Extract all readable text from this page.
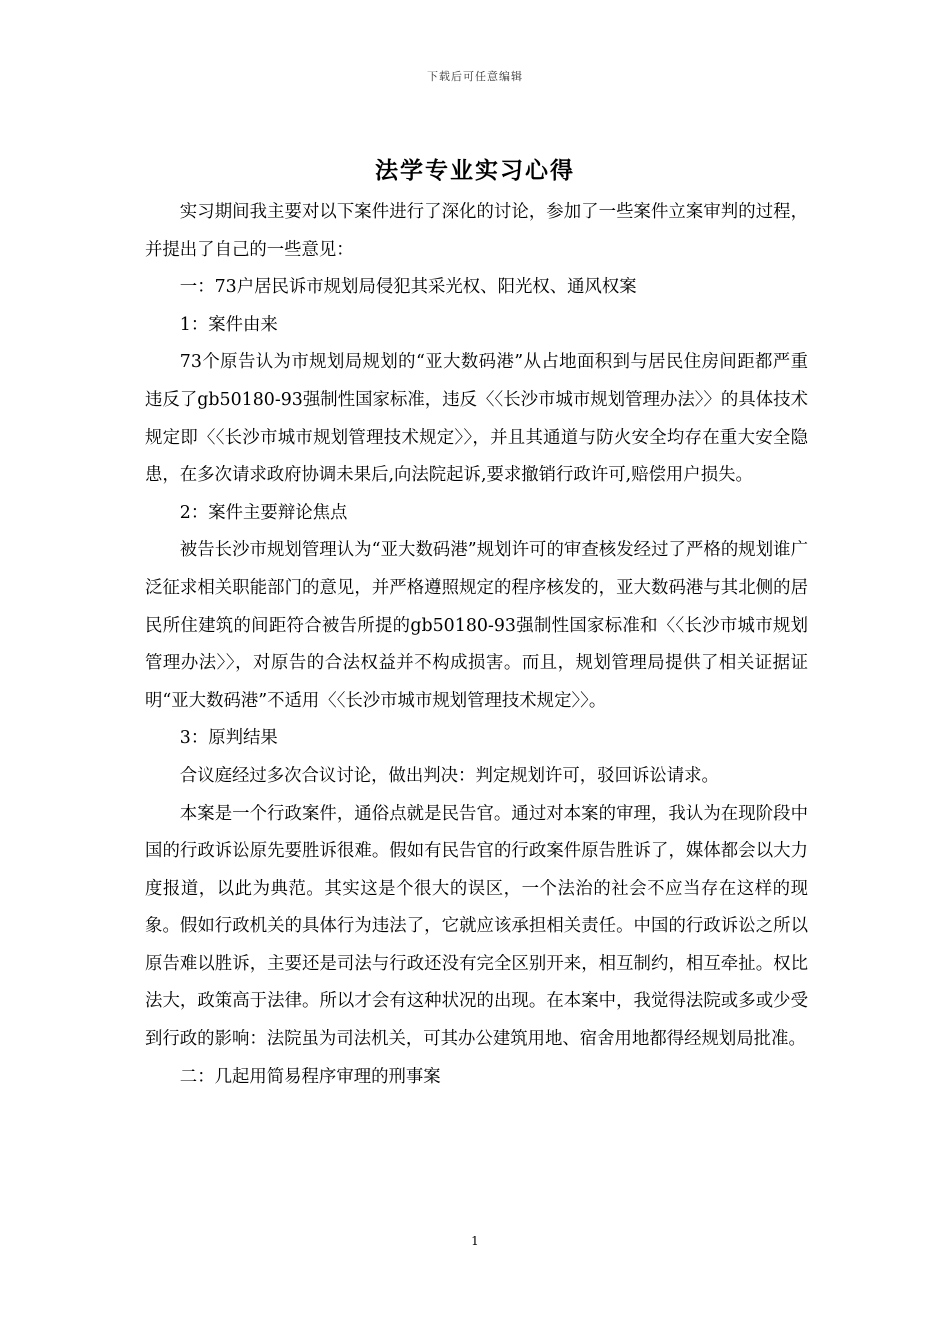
下载后可任意编辑
法学专业实习心得

实习期间我主要对以下案件进行了深化的讨论，参加了一些案件立案审判的过程，并提出了自己的一些意见：

一：73户居民诉市规划局侵犯其采光权、阳光权、通风权案

1：案件由来

73个原告认为市规划局规划的“亚大数码港”从占地面积到与居民住房间距都严重违反了gb50180-93强制性国家标准，违反〈〈长沙市城市规划管理办法〉〉的具体技术规定即〈〈长沙市城市规划管理技术规定〉〉，并且其通道与防火安全均存在重大安全隐患，在多次请求政府协调未果后,向法院起诉,要求撤销行政许可,赔偿用户损失。

2：案件主要辩论焦点

被告长沙市规划管理认为“亚大数码港”规划许可的审查核发经过了严格的规划谁广泛征求相关职能部门的意见，并严格遵照规定的程序核发的，亚大数码港与其北侧的居民所住建筑的间距符合被告所提的gb50180-93强制性国家标准和〈〈长沙市城市规划管理办法〉〉，对原告的合法权益并不构成损害。而且，规划管理局提供了相关证据证明“亚大数码港”不适用〈〈长沙市城市规划管理技术规定〉〉。

3：原判结果

合议庭经过多次合议讨论，做出判决：判定规划许可，驳回诉讼请求。

本案是一个行政案件，通俗点就是民告官。通过对本案的审理，我认为在现阶段中国的行政诉讼原先要胜诉很难。假如有民告官的行政案件原告胜诉了，媒体都会以大力度报道，以此为典范。其实这是个很大的误区，一个法治的社会不应当存在这样的现象。假如行政机关的具体行为违法了，它就应该承担相关责任。中国的行政诉讼之所以原告难以胜诉，主要还是司法与行政还没有完全区别开来，相互制约，相互牵扯。权比法大，政策高于法律。所以才会有这种状况的出现。在本案中，我觉得法院或多或少受到行政的影响：法院虽为司法机关，可其办公建筑用地、宿舍用地都得经规划局批准。

二：几起用简易程序审理的刑事案

1
